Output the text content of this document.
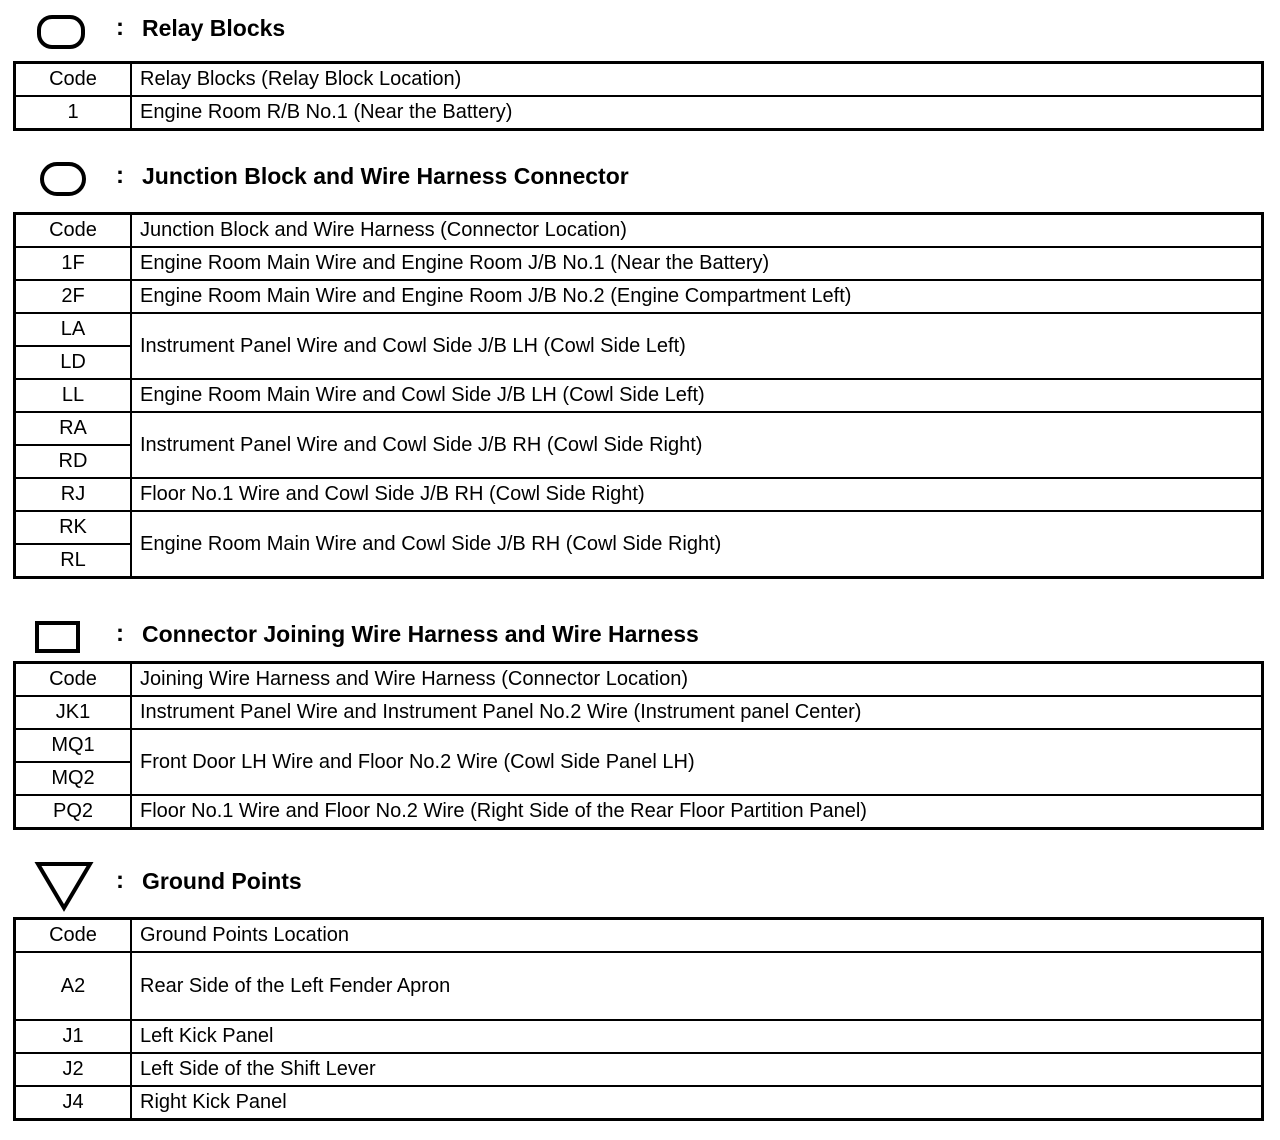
: Relay Blocks
Code	Relay Blocks (Relay Block Location)
1	Engine Room R/B No.1 (Near the Battery)
: Junction Block and Wire Harness Connector
Code	Junction Block and Wire Harness (Connector Location)
1F	Engine Room Main Wire and Engine Room J/B No.1 (Near the Battery)
2F	Engine Room Main Wire and Engine Room J/B No.2 (Engine Compartment Left)
LA	Instrument Panel Wire and Cowl Side J/B LH (Cowl Side Left)
LD	
LL	Engine Room Main Wire and Cowl Side J/B LH (Cowl Side Left)
RA	Instrument Panel Wire and Cowl Side J/B RH (Cowl Side Right)
RD	
RJ	Floor No.1 Wire and Cowl Side J/B RH (Cowl Side Right)
RK	Engine Room Main Wire and Cowl Side J/B RH (Cowl Side Right)
RL	
: Connector Joining Wire Harness and Wire Harness
Code	Joining Wire Harness and Wire Harness (Connector Location)
JK1	Instrument Panel Wire and Instrument Panel No.2 Wire (Instrument panel Center)
MQ1	Front Door LH Wire and Floor No.2 Wire (Cowl Side Panel LH)
MQ2	
PQ2	Floor No.1 Wire and Floor No.2 Wire (Right Side of the Rear Floor Partition Panel)
: Ground Points
Code	Ground Points Location
A2	Rear Side of the Left Fender Apron
J1	Left Kick Panel
J2	Left Side of the Shift Lever
J4	Right Kick Panel
